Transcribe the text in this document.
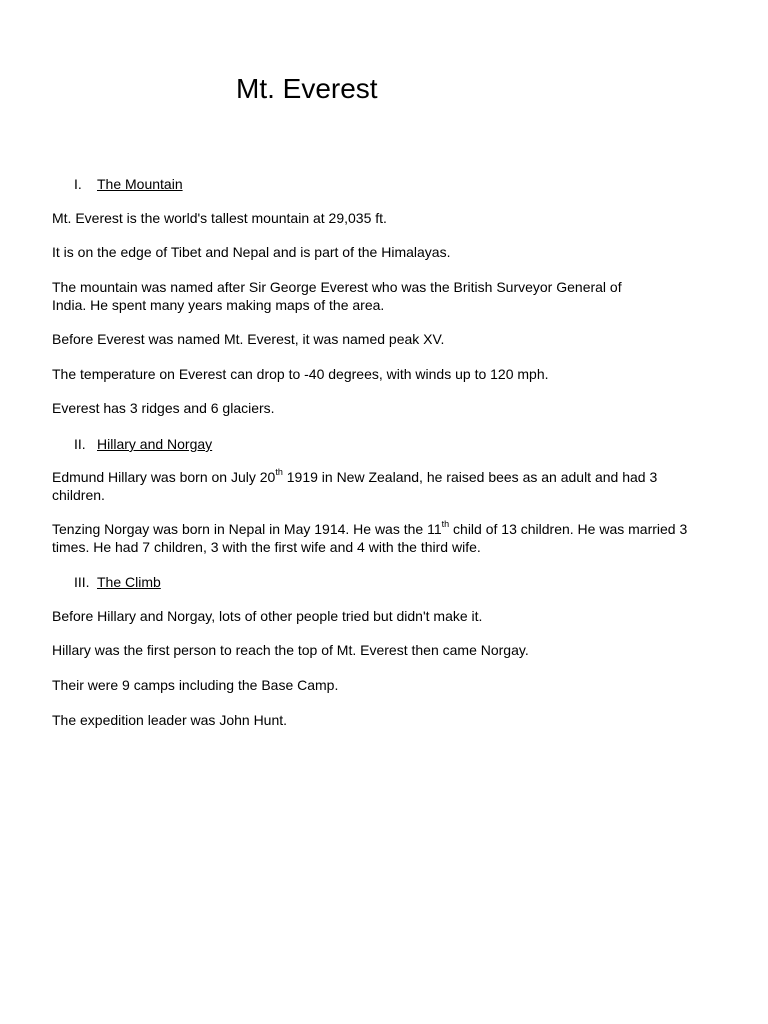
Mt. Everest
I. The Mountain

Mt. Everest is the world's tallest mountain at 29,035 ft.

It is on the edge of Tibet and Nepal and is part of the Himalayas.

The mountain was named after Sir George Everest who was the British Surveyor General of India. He spent many years making maps of the area.

Before Everest was named Mt. Everest, it was named peak XV.

The temperature on Everest can drop to -40 degrees, with winds up to 120 mph.

Everest has 3 ridges and 6 glaciers.

II. Hillary and Norgay

Edmund Hillary was born on July 20th 1919 in New Zealand, he raised bees as an adult and had 3 children.

Tenzing Norgay was born in Nepal in May 1914. He was the 11th child of 13 children. He was married 3 times. He had 7 children, 3 with the first wife and 4 with the third wife.

III. The Climb

Before Hillary and Norgay, lots of other people tried but didn't make it.

Hillary was the first person to reach the top of Mt. Everest then came Norgay.

Their were 9 camps including the Base Camp.

The expedition leader was John Hunt.
